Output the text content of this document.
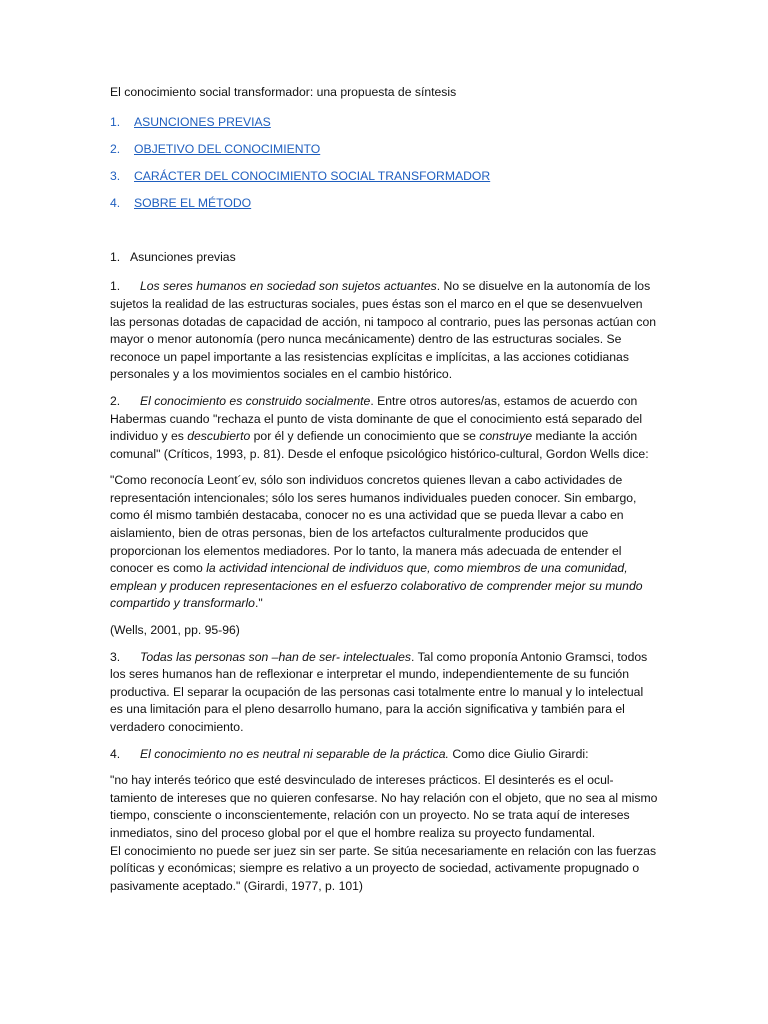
El conocimiento social transformador: una propuesta de síntesis

1. ASUNCIONES PREVIAS
2. OBJETIVO DEL CONOCIMIENTO
3. CARÁCTER DEL CONOCIMIENTO SOCIAL TRANSFORMADOR
4. SOBRE EL MÉTODO

1. Asunciones previas

1. Los seres humanos en sociedad son sujetos actuantes. No se disuelve en la autonomía de los sujetos la realidad de las estructuras sociales, pues éstas son el marco en el que se desenvuelven las personas dotadas de capacidad de acción, ni tampoco al contrario, pues las personas actúan con mayor o menor autonomía (pero nunca mecánicamente) dentro de las estructuras sociales. Se reconoce un papel importante a las resistencias explícitas e implícitas, a las acciones cotidianas personales y a los movimientos sociales en el cambio histórico.

2. El conocimiento es construido socialmente. Entre otros autores/as, estamos de acuerdo con Habermas cuando "rechaza el punto de vista dominante de que el conocimiento está separado del individuo y es descubierto por él y defiende un conocimiento que se construye mediante la acción comunal" (Críticos, 1993, p. 81). Desde el enfoque psicológico histórico-cultural, Gordon Wells dice:

"Como reconocía Leont´ev, sólo son individuos concretos quienes llevan a cabo actividades de representación intencionales; sólo los seres humanos individuales pueden conocer. Sin embargo, como él mismo también destacaba, conocer no es una actividad que se pueda llevar a cabo en aislamiento, bien de otras personas, bien de los artefactos culturalmente producidos que proporcionan los elementos mediadores. Por lo tanto, la manera más adecuada de entender el conocer es como la actividad intencional de individuos que, como miembros de una comunidad, emplean y producen representaciones en el esfuerzo colaborativo de comprender mejor su mundo compartido y transformarlo."

(Wells, 2001, pp. 95-96)

3. Todas las personas son –han de ser- intelectuales. Tal como proponía Antonio Gramsci, todos los seres humanos han de reflexionar e interpretar el mundo, independientemente de su función productiva. El separar la ocupación de las personas casi totalmente entre lo manual y lo intelectual es una limitación para el pleno desarrollo humano, para la acción significativa y también para el verdadero conocimiento.

4. El conocimiento no es neutral ni separable de la práctica. Como dice Giulio Girardi:

"no hay interés teórico que esté desvinculado de intereses prácticos. El desinterés es el ocul-tamiento de intereses que no quieren confesarse. No hay relación con el objeto, que no sea al mismo tiempo, consciente o inconscientemente, relación con un proyecto. No se trata aquí de intereses inmediatos, sino del proceso global por el que el hombre realiza su proyecto fundamental.

El conocimiento no puede ser juez sin ser parte. Se sitúa necesariamente en relación con las fuerzas políticas y económicas; siempre es relativo a un proyecto de sociedad, activamente propugnado o pasivamente aceptado." (Girardi, 1977, p. 101)
